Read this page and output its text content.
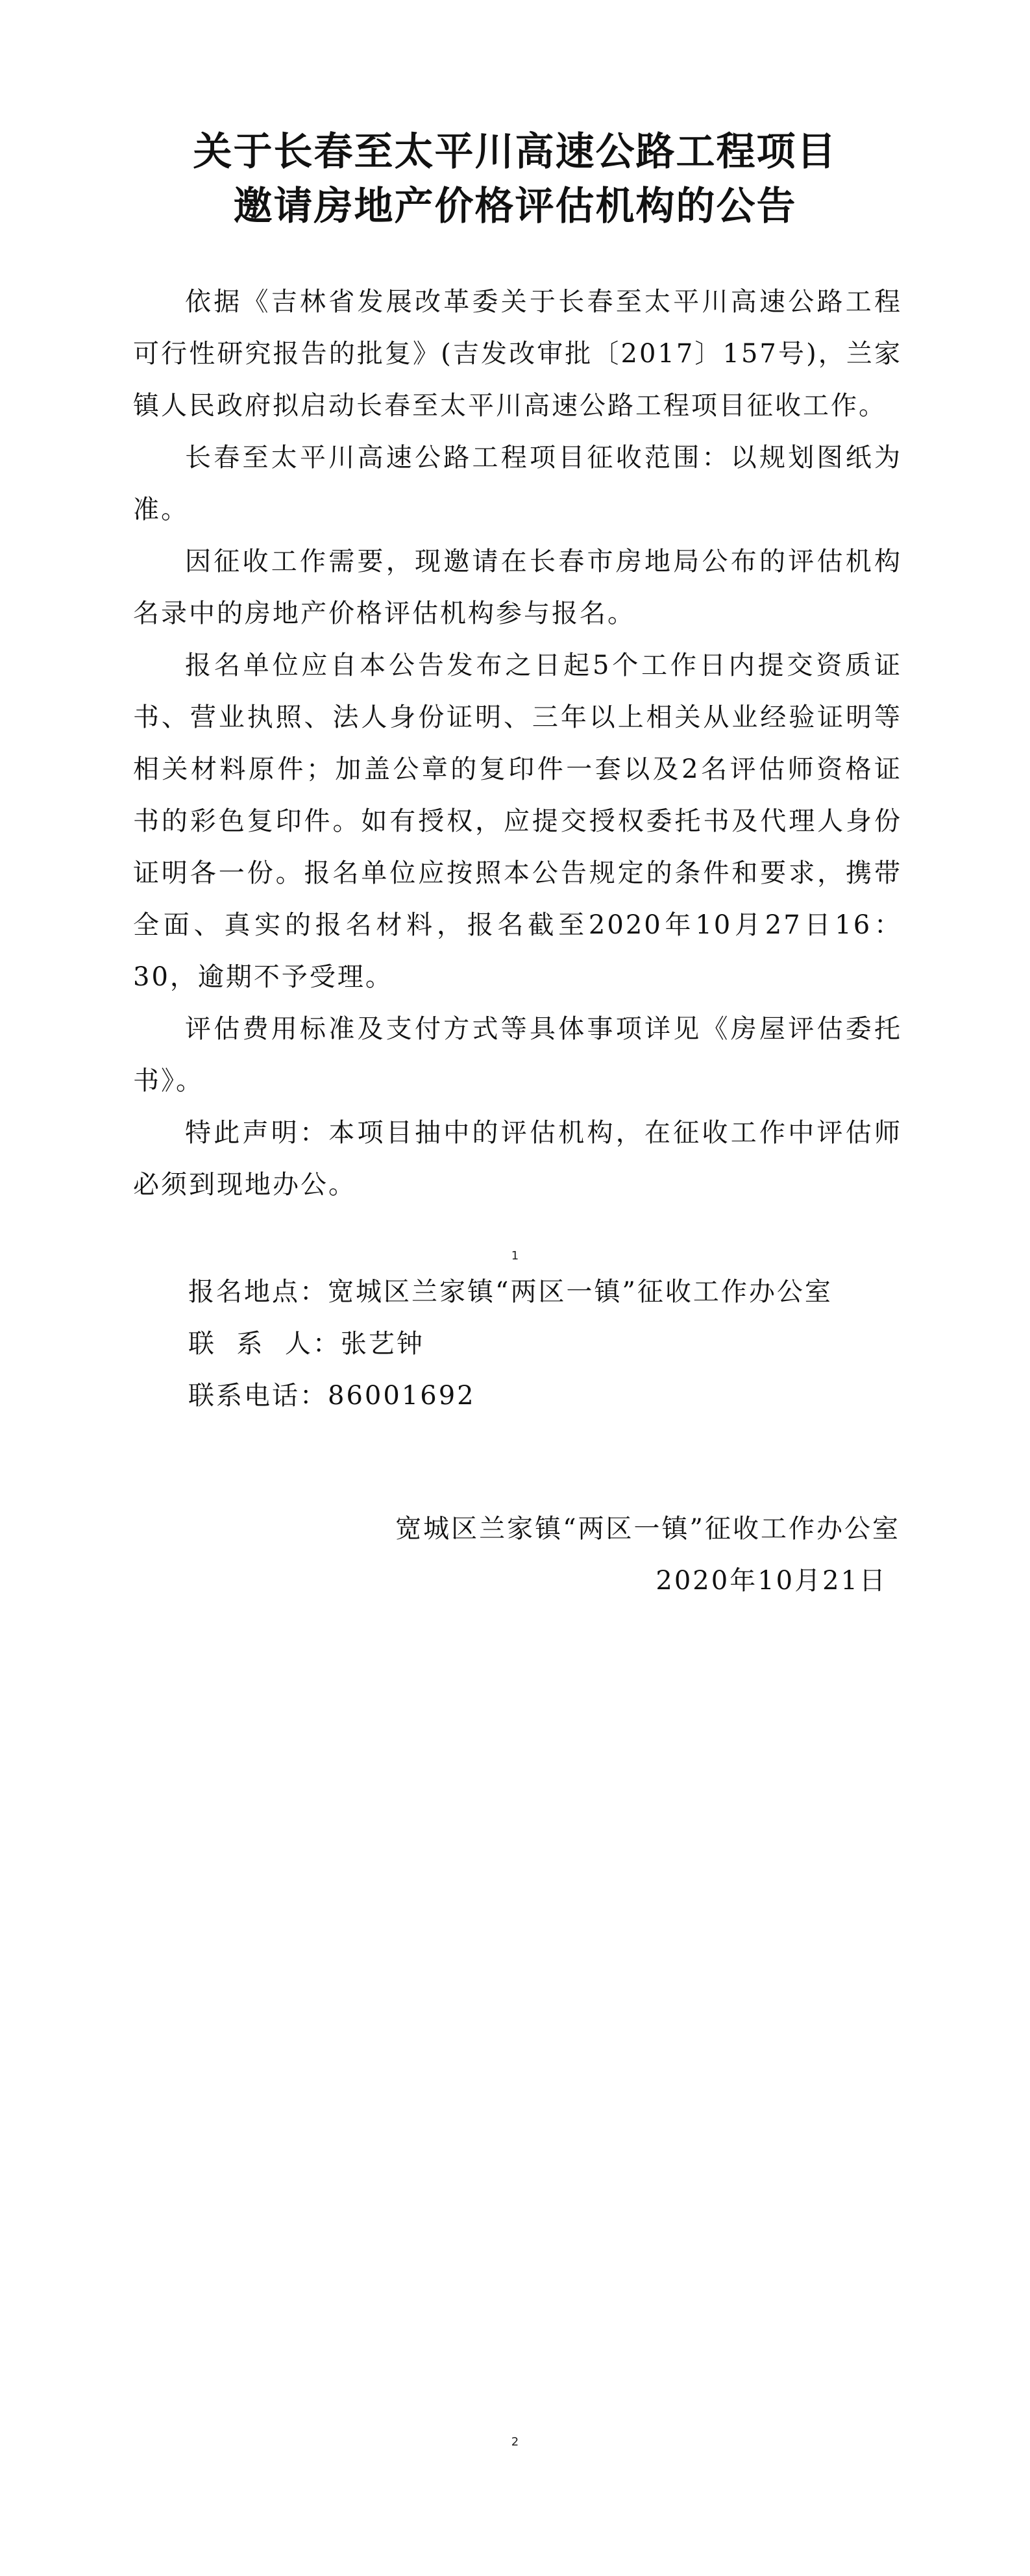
关于长春至太平川高速公路工程项目
邀请房地产价格评估机构的公告

依据《吉林省发展改革委关于长春至太平川高速公路工程可行性研究报告的批复》(吉发改审批〔2017〕157号)，兰家镇人民政府拟启动长春至太平川高速公路工程项目征收工作。

长春至太平川高速公路工程项目征收范围：以规划图纸为准。

因征收工作需要，现邀请在长春市房地局公布的评估机构名录中的房地产价格评估机构参与报名。

报名单位应自本公告发布之日起5个工作日内提交资质证书、营业执照、法人身份证明、三年以上相关从业经验证明等相关材料原件；加盖公章的复印件一套以及2名评估师资格证书的彩色复印件。如有授权，应提交授权委托书及代理人身份证明各一份。报名单位应按照本公告规定的条件和要求，携带全面、真实的报名材料，报名截至2020年10月27日16：30，逾期不予受理。

评估费用标准及支付方式等具体事项详见《房屋评估委托书》。

特此声明：本项目抽中的评估机构，在征收工作中评估师必须到现地办公。

1
报名地点：宽城区兰家镇“两区一镇”征收工作办公室
联  系  人：张艺钟
联系电话：86001692
宽城区兰家镇“两区一镇”征收工作办公室
2020年10月21日
2
